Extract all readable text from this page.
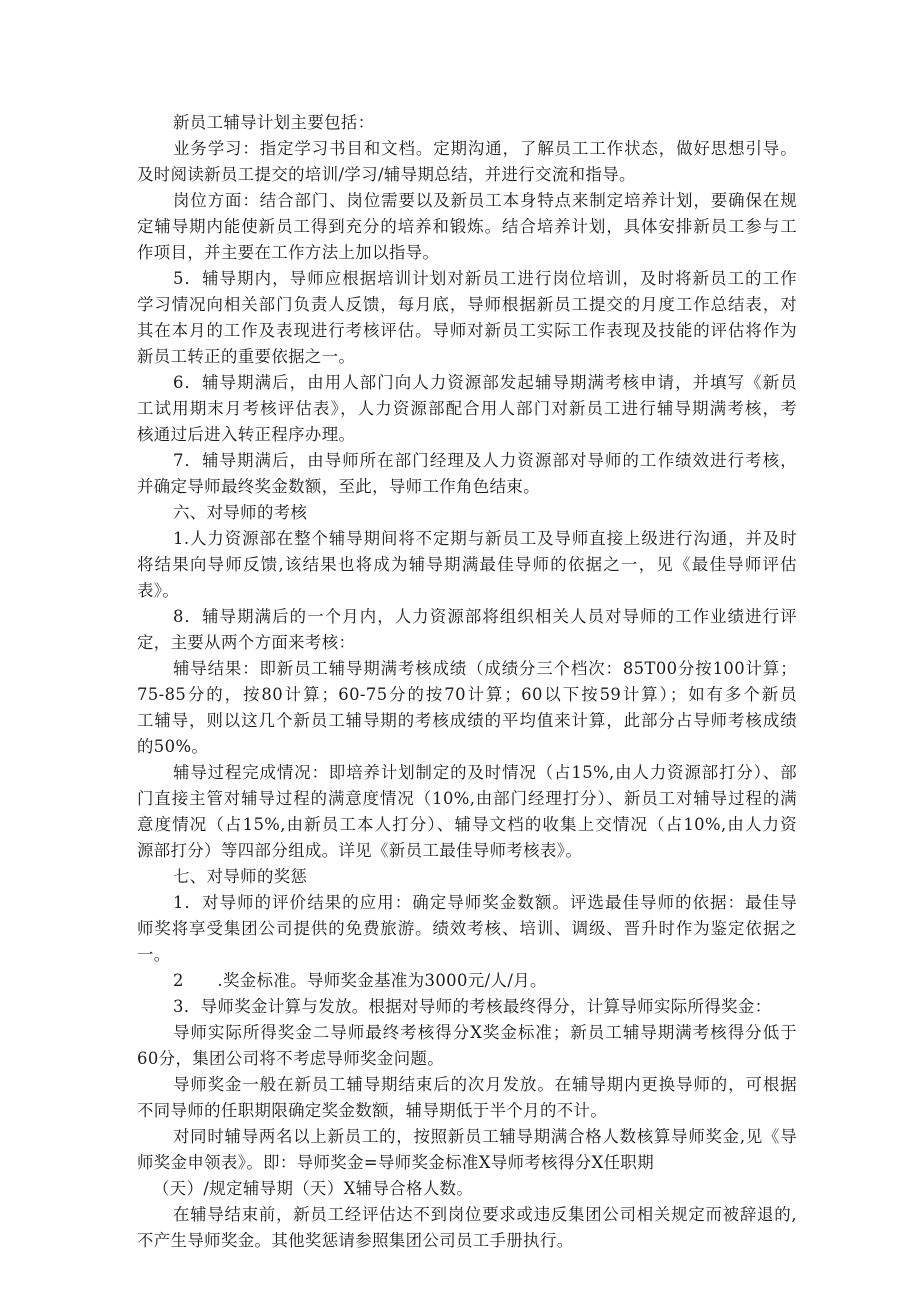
新员工辅导计划主要包括：
业务学习：指定学习书目和文档。定期沟通，了解员工工作状态，做好思想引导。
及时阅读新员工提交的培训/学习/辅导期总结，并进行交流和指导。
岗位方面：结合部门、岗位需要以及新员工本身特点来制定培养计划，要确保在规
定辅导期内能使新员工得到充分的培养和锻炼。结合培养计划，具体安排新员工参与工
作项目，并主要在工作方法上加以指导。
5．辅导期内，导师应根据培训计划对新员工进行岗位培训，及时将新员工的工作
学习情况向相关部门负责人反馈，每月底，导师根据新员工提交的月度工作总结表，对
其在本月的工作及表现进行考核评估。导师对新员工实际工作表现及技能的评估将作为
新员工转正的重要依据之一。
6．辅导期满后，由用人部门向人力资源部发起辅导期满考核申请，并填写《新员
工试用期末月考核评估表》，人力资源部配合用人部门对新员工进行辅导期满考核，考
核通过后进入转正程序办理。
7．辅导期满后，由导师所在部门经理及人力资源部对导师的工作绩效进行考核，
并确定导师最终奖金数额，至此，导师工作角色结束。
六、对导师的考核
1.人力资源部在整个辅导期间将不定期与新员工及导师直接上级进行沟通，并及时
将结果向导师反馈,该结果也将成为辅导期满最佳导师的依据之一，见《最佳导师评估
表》。
8．辅导期满后的一个月内，人力资源部将组织相关人员对导师的工作业绩进行评
定，主要从两个方面来考核：
辅导结果：即新员工辅导期满考核成绩（成绩分三个档次：85T00分按100计算；
75-85分的，按80计算；60-75分的按70计算；60以下按59计算）；如有多个新员
工辅导，则以这几个新员工辅导期的考核成绩的平均值来计算，此部分占导师考核成绩
的50%。
辅导过程完成情况：即培养计划制定的及时情况（占15%,由人力资源部打分）、部
门直接主管对辅导过程的满意度情况（10%,由部门经理打分）、新员工对辅导过程的满
意度情况（占15%,由新员工本人打分）、辅导文档的收集上交情况（占10%,由人力资
源部打分）等四部分组成。详见《新员工最佳导师考核表》。
七、对导师的奖惩
1．对导师的评价结果的应用：确定导师奖金数额。评选最佳导师的依据：最佳导
师奖将享受集团公司提供的免费旅游。绩效考核、培训、调级、晋升时作为鉴定依据之
一。
2　　.奖金标准。导师奖金基准为3000元/人/月。
3．导师奖金计算与发放。根据对导师的考核最终得分，计算导师实际所得奖金：
导师实际所得奖金二导师最终考核得分X奖金标准；新员工辅导期满考核得分低于
60分，集团公司将不考虑导师奖金问题。
导师奖金一般在新员工辅导期结束后的次月发放。在辅导期内更换导师的，可根据
不同导师的任职期限确定奖金数额，辅导期低于半个月的不计。
对同时辅导两名以上新员工的，按照新员工辅导期满合格人数核算导师奖金,见《导
师奖金申领表》。即：导师奖金=导师奖金标准X导师考核得分X任职期
（天）/规定辅导期（天）X辅导合格人数。
在辅导结束前，新员工经评估达不到岗位要求或违反集团公司相关规定而被辞退的,
不产生导师奖金。其他奖惩请参照集团公司员工手册执行。
